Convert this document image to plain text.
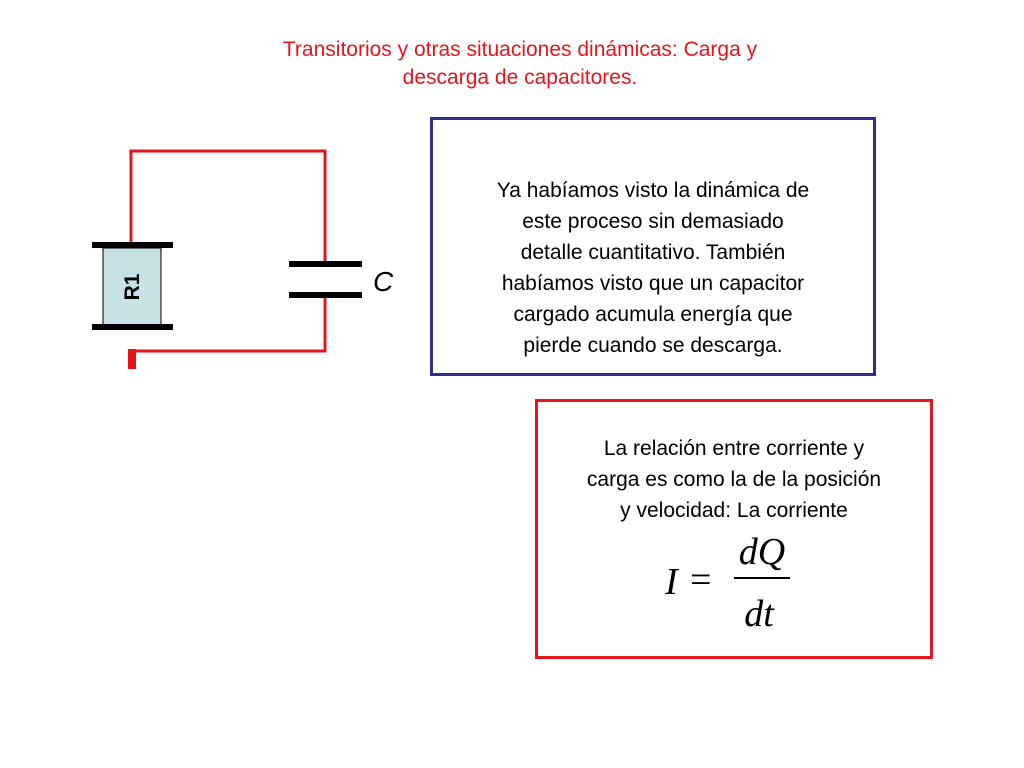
Transitorios y otras situaciones dinámicas: Carga y
descarga de capacitores.
R1	C
Ya habíamos visto la dinámica de
este proceso sin demasiado
detalle cuantitativo. También
habíamos visto que un capacitor
cargado acumula energía que
pierde cuando se descarga.
La relación entre corriente y
carga es como la de la posición
y velocidad: La corriente
I =
dQ
dt
